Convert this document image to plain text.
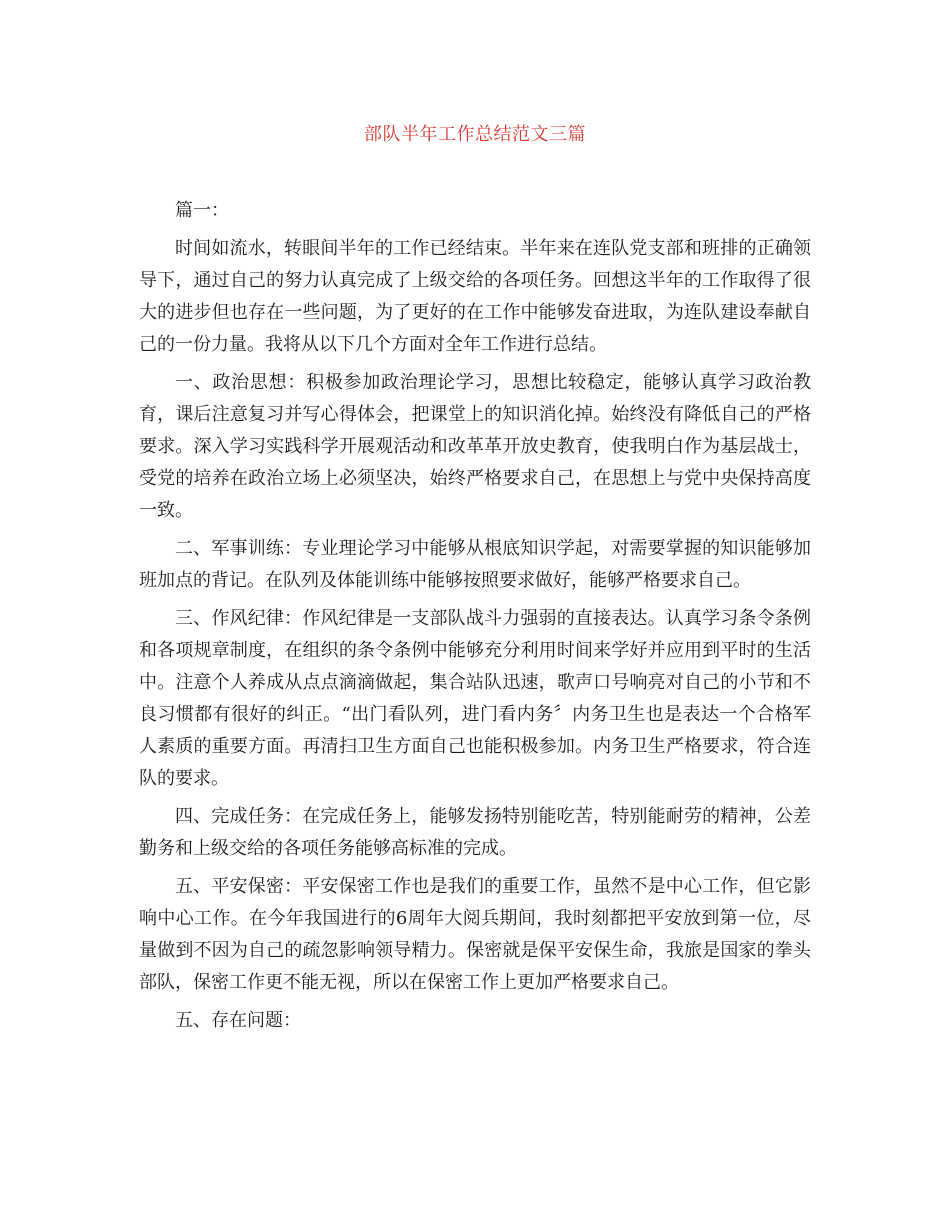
部队半年工作总结范文三篇

篇一：

时间如流水，转眼间半年的工作已经结束。半年来在连队党支部和班排的正确领导下，通过自己的努力认真完成了上级交给的各项任务。回想这半年的工作取得了很大的进步但也存在一些问题，为了更好的在工作中能够发奋进取，为连队建设奉献自己的一份力量。我将从以下几个方面对全年工作进行总结。

一、政治思想：积极参加政治理论学习，思想比较稳定，能够认真学习政治教育，课后注意复习并写心得体会，把课堂上的知识消化掉。始终没有降低自己的严格要求。深入学习实践科学开展观活动和改革革开放史教育，使我明白作为基层战士，受党的培养在政治立场上必须坚决，始终严格要求自己，在思想上与党中央保持高度一致。

二、军事训练：专业理论学习中能够从根底知识学起，对需要掌握的知识能够加班加点的背记。在队列及体能训练中能够按照要求做好，能够严格要求自己。

三、作风纪律：作风纪律是一支部队战斗力强弱的直接表达。认真学习条令条例和各项规章制度，在组织的条令条例中能够充分利用时间来学好并应用到平时的生活中。注意个人养成从点点滴滴做起，集合站队迅速，歌声口号响亮对自己的小节和不良习惯都有很好的纠正。“出门看队列，进门看内务〞内务卫生也是表达一个合格军人素质的重要方面。再清扫卫生方面自己也能积极参加。内务卫生严格要求，符合连队的要求。

四、完成任务：在完成任务上，能够发扬特别能吃苦，特别能耐劳的精神，公差勤务和上级交给的各项任务能够高标准的完成。

五、平安保密：平安保密工作也是我们的重要工作，虽然不是中心工作，但它影响中心工作。在今年我国进行的6周年大阅兵期间，我时刻都把平安放到第一位，尽量做到不因为自己的疏忽影响领导精力。保密就是保平安保生命，我旅是国家的拳头部队，保密工作更不能无视，所以在保密工作上更加严格要求自己。

五、存在问题：
